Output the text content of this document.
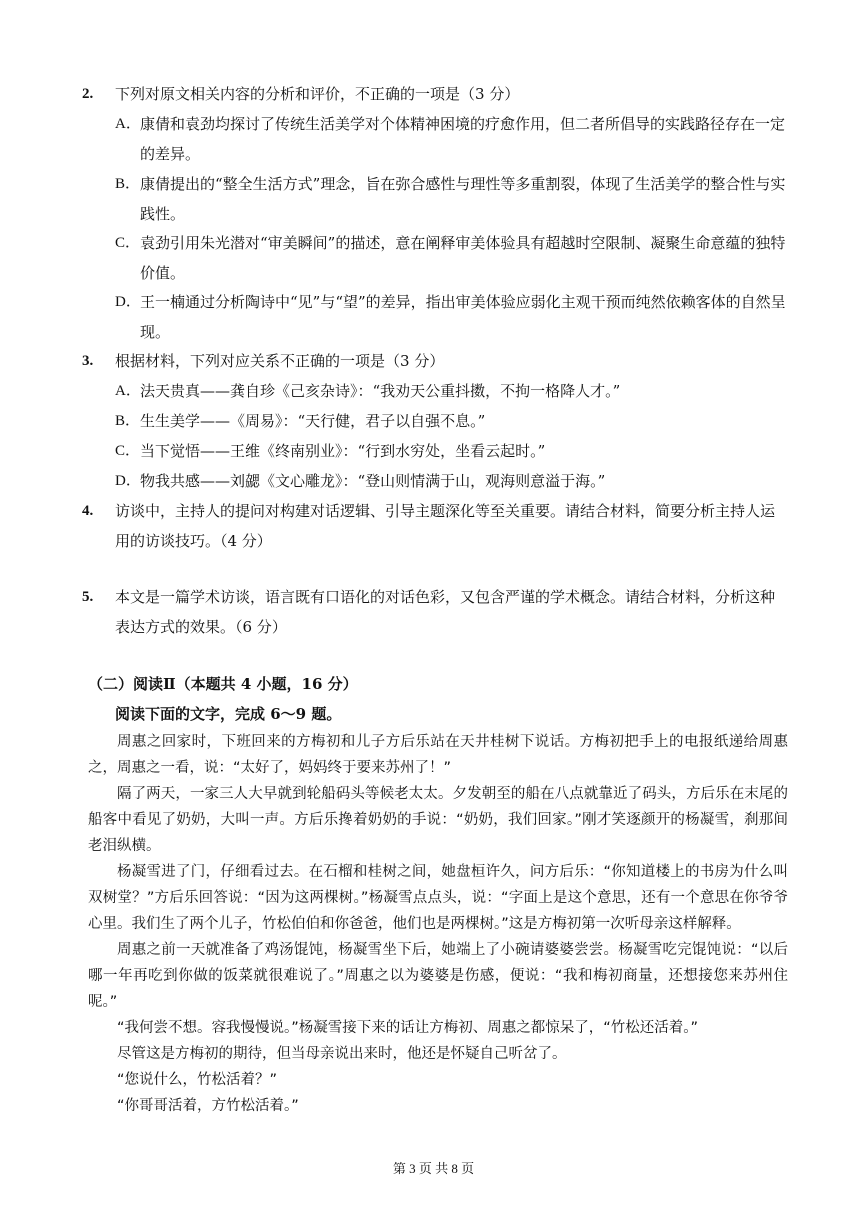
2. 下列对原文相关内容的分析和评价，不正确的一项是（3 分）
A． 康倩和袁劲均探讨了传统生活美学对个体精神困境的疗愈作用，但二者所倡导的实践路径存在一定的差异。
B． 康倩提出的“整全生活方式”理念，旨在弥合感性与理性等多重割裂，体现了生活美学的整合性与实践性。
C． 袁劲引用朱光潜对“审美瞬间”的描述，意在阐释审美体验具有超越时空限制、凝聚生命意蕴的独特价值。
D． 王一楠通过分析陶诗中“见”与“望”的差异，指出审美体验应弱化主观干预而纯然依赖客体的自然呈现。
3. 根据材料，下列对应关系不正确的一项是（3 分）
A． 法天贵真——龚自珍《己亥杂诗》：“我劝天公重抖擞，不拘一格降人才。”
B． 生生美学——《周易》：“天行健，君子以自强不息。”
C． 当下觉悟——王维《终南别业》：“行到水穷处，坐看云起时。”
D． 物我共感——刘勰《文心雕龙》：“登山则情满于山，观海则意溢于海。”
4. 访谈中，主持人的提问对构建对话逻辑、引导主题深化等至关重要。请结合材料，简要分析主持人运用的访谈技巧。（4 分）
5. 本文是一篇学术访谈，语言既有口语化的对话色彩，又包含严谨的学术概念。请结合材料，分析这种表达方式的效果。（6 分）
（二）阅读Ⅱ（本题共 4 小题，16 分）
阅读下面的文字，完成 6～9 题。

周惠之回家时，下班回来的方梅初和儿子方后乐站在天井桂树下说话。方梅初把手上的电报纸递给周惠之，周惠之一看，说：“太好了，妈妈终于要来苏州了！”

隔了两天，一家三人大早就到轮船码头等候老太太。夕发朝至的船在八点就靠近了码头，方后乐在末尾的船客中看见了奶奶，大叫一声。方后乐搀着奶奶的手说：“奶奶，我们回家。”刚才笑逐颜开的杨凝雪，刹那间老泪纵横。

杨凝雪进了门，仔细看过去。在石榴和桂树之间，她盘桓许久，问方后乐：“你知道楼上的书房为什么叫双树堂？”方后乐回答说：“因为这两棵树。”杨凝雪点点头，说：“字面上是这个意思，还有一个意思在你爷爷心里。我们生了两个儿子，竹松伯伯和你爸爸，他们也是两棵树。”这是方梅初第一次听母亲这样解释。

周惠之前一天就准备了鸡汤馄饨，杨凝雪坐下后，她端上了小碗请婆婆尝尝。杨凝雪吃完馄饨说：“以后哪一年再吃到你做的饭菜就很难说了。”周惠之以为婆婆是伤感，便说：“我和梅初商量，还想接您来苏州住呢。”

“我何尝不想。容我慢慢说。”杨凝雪接下来的话让方梅初、周惠之都惊呆了，“竹松还活着。”

尽管这是方梅初的期待，但当母亲说出来时，他还是怀疑自己听岔了。

“您说什么，竹松活着？”

“你哥哥活着，方竹松活着。”

第 3 页 共 8 页
